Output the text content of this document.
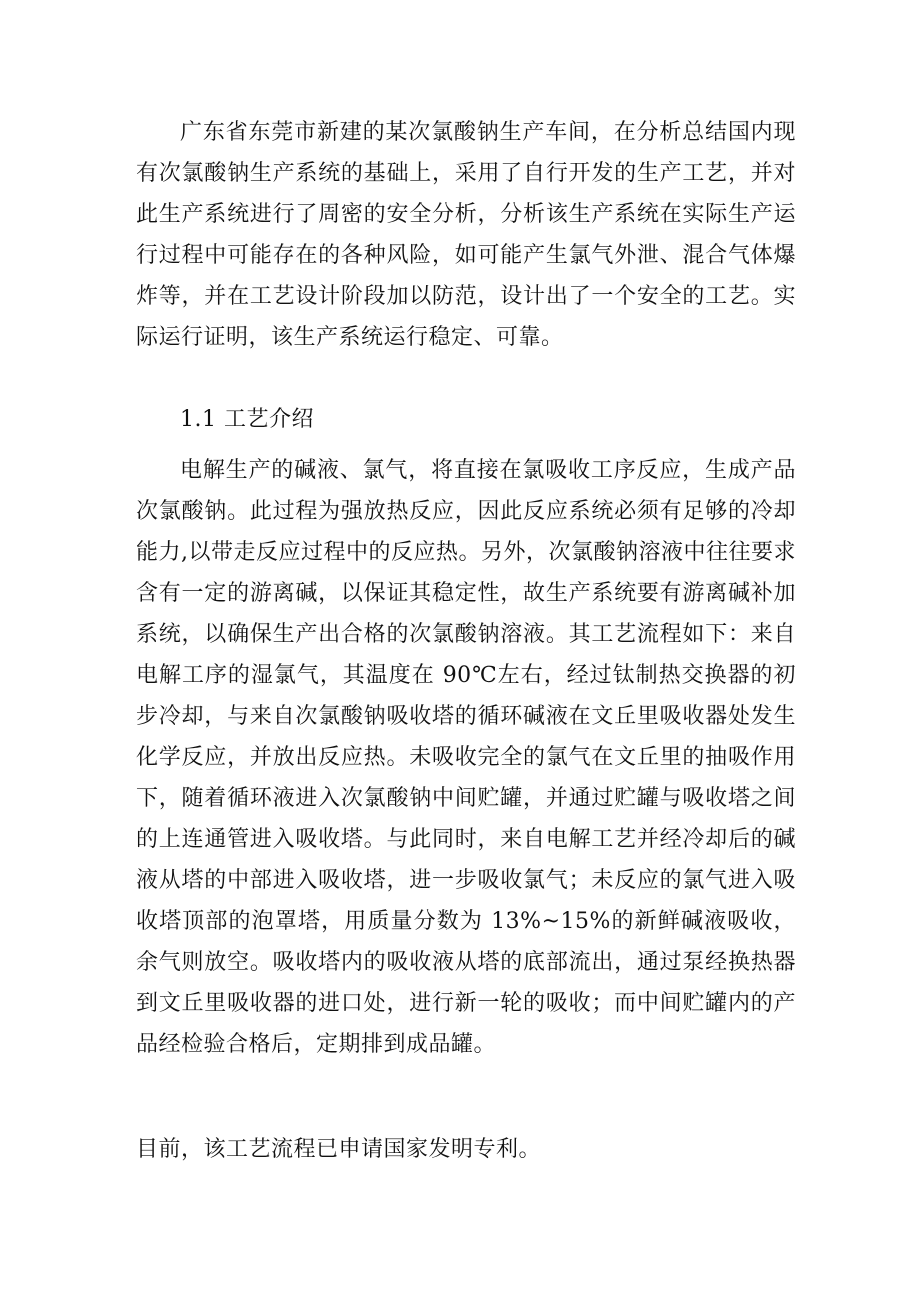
广东省东莞市新建的某次氯酸钠生产车间，在分析总结国内现有次氯酸钠生产系统的基础上，采用了自行开发的生产工艺，并对此生产系统进行了周密的安全分析，分析该生产系统在实际生产运行过程中可能存在的各种风险，如可能产生氯气外泄、混合气体爆炸等，并在工艺设计阶段加以防范，设计出了一个安全的工艺。实际运行证明，该生产系统运行稳定、可靠。

1.1 工艺介绍

电解生产的碱液、氯气，将直接在氯吸收工序反应，生成产品次氯酸钠。此过程为强放热反应，因此反应系统必须有足够的冷却能力,以带走反应过程中的反应热。另外，次氯酸钠溶液中往往要求含有一定的游离碱，以保证其稳定性，故生产系统要有游离碱补加系统，以确保生产出合格的次氯酸钠溶液。其工艺流程如下：来自电解工序的湿氯气，其温度在 90℃左右，经过钛制热交换器的初步冷却，与来自次氯酸钠吸收塔的循环碱液在文丘里吸收器处发生化学反应，并放出反应热。未吸收完全的氯气在文丘里的抽吸作用下，随着循环液进入次氯酸钠中间贮罐，并通过贮罐与吸收塔之间的上连通管进入吸收塔。与此同时，来自电解工艺并经冷却后的碱液从塔的中部进入吸收塔，进一步吸收氯气；未反应的氯气进入吸收塔顶部的泡罩塔，用质量分数为 13%~15%的新鲜碱液吸收，余气则放空。吸收塔内的吸收液从塔的底部流出，通过泵经换热器到文丘里吸收器的进口处，进行新一轮的吸收；而中间贮罐内的产品经检验合格后，定期排到成品罐。

目前，该工艺流程已申请国家发明专利。
